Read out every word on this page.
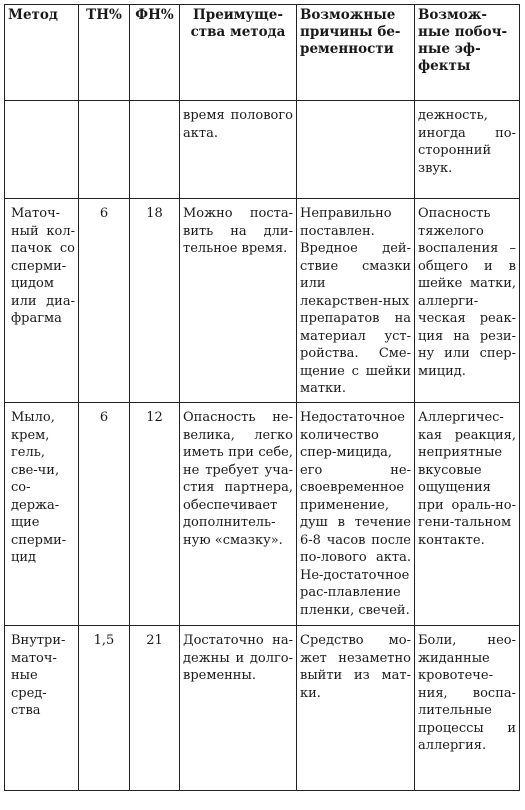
Метод	ТН%	ФН%	Преимуще-ства метода	Возможные причины бе-ременности	Возмож-ные побоч-ные эф-фекты
			время полового акта.		дежность, иногда по-сторонний звук.
Маточ-ный кол-пачок со сперми-цидом или диа-фрагма	6	18	Можно поста-вить на дли-тельное время.	Неправильно поставлен. Вредное дей-ствие смазки или лекарствен-ных препаратов на материал уст-ройства. Сме-щение с шейки матки.	Опасность тяжелого воспаления – общего и в шейке матки, аллерги-ческая реак-ция на рези-ну или спер-мицид.
Мыло, крем, гель, све-чи, со-держа-щие сперми-цид	6	12	Опасность не-велика, легко иметь при себе, не требует уча-стия партнера, обеспечивает дополнитель-ную «смазку».	Недостаточное количество спер-мицида, его не-своевременное применение, душ в течение 6-8 часов после по-лового акта. Не-достаточное рас-плавление пленки, свечей.	Аллергичес-кая реакция, неприятные вкусовые ощущения при ораль-но-гени-тальном контакте.
Внутри-маточ-ные сред-ства	1,5	21	Достаточно на-дежны и долго-временны.	Средство мо-жет незаметно выйти из мат-ки.	Боли, нео-жиданные кровотече-ния, воспа-лительные процессы и аллергия.
